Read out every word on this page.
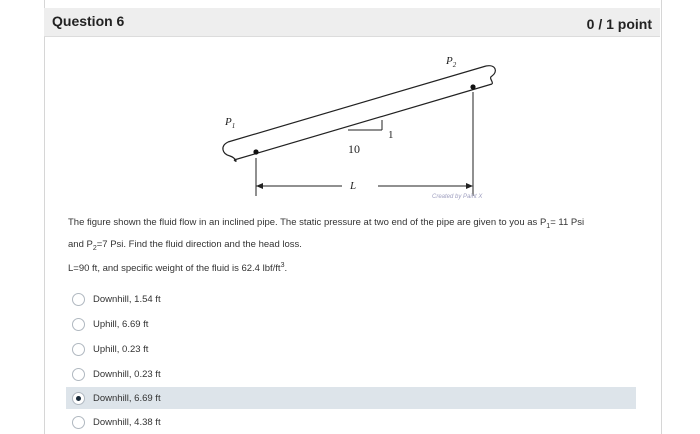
Question 6	0 / 1 point
$P_1$
$P_2$
10
1
L
Created by Paint X
The figure shown the fluid flow in an inclined pipe. The static pressure at two end of the pipe are given to you as $P_1= 11$ Psi
and $P_2=7$ Psi. Find the fluid direction and the head loss.
L=90 ft, and specific weight of the fluid is 62.4 lbf/$ft^3$.
Downhill, 1.54 ft
Uphill, 6.69 ft
Uphill, 0.23 ft
Downhill, 0.23 ft
Downhill, 6.69 ft
Downhill, 4.38 ft
